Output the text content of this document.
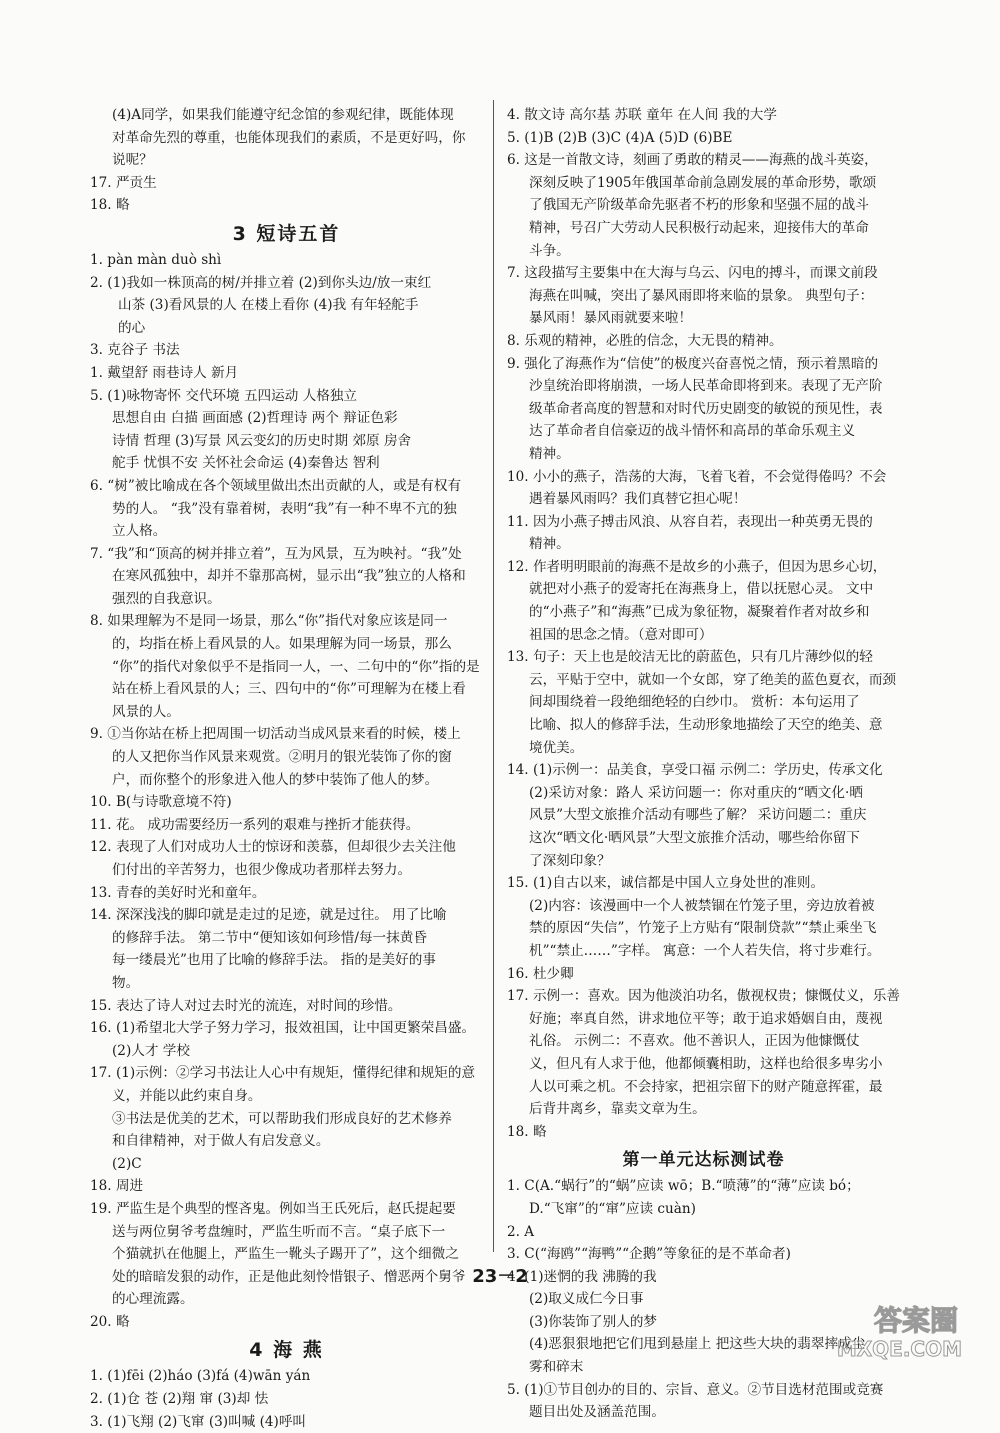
(4)A同学，如果我们能遵守纪念馆的参观纪律，既能体现

对革命先烈的尊重，也能体现我们的素质，不是更好吗，你

说呢？

17. 严贡生

18. 略

3 短诗五首

1. pàn màn duò shì

2. (1)我如一株顶高的树/并排立着 (2)到你头边/放一束红

山茶 (3)看风景的人 在楼上看你 (4)我 有年轻舵手

的心

3. 克谷子 书法

1. 戴望舒 雨巷诗人 新月

5. (1)咏物寄怀 交代环境 五四运动 人格独立

思想自由 白描 画面感 (2)哲理诗 两个 辩证色彩

诗情 哲理 (3)写景 风云变幻的历史时期 郊原 房舍

舵手 忧惧不安 关怀社会命运 (4)秦鲁达 智利

6. “树”被比喻成在各个领域里做出杰出贡献的人，或是有权有

势的人。 “我”没有靠着树，表明“我”有一种不卑不亢的独

立人格。

7. “我”和“顶高的树并排立着”，互为风景，互为映衬。“我”处

在寒风孤独中，却并不靠那高树，显示出“我”独立的人格和

强烈的自我意识。

8. 如果理解为不是同一场景，那么“你”指代对象应该是同一

的，均指在桥上看风景的人。如果理解为同一场景，那么

“你”的指代对象似乎不是指同一人，一、二句中的“你”指的是

站在桥上看风景的人；三、四句中的“你”可理解为在楼上看

风景的人。

9. ①当你站在桥上把周围一切活动当成风景来看的时候，楼上

的人又把你当作风景来观赏。②明月的银光装饰了你的窗

户，而你整个的形象进入他人的梦中装饰了他人的梦。

10. B(与诗歌意境不符)

11. 花。 成功需要经历一系列的艰难与挫折才能获得。

12. 表现了人们对成功人士的惊讶和羡慕，但却很少去关注他

们付出的辛苦努力，也很少像成功者那样去努力。

13. 青春的美好时光和童年。

14. 深深浅浅的脚印就是走过的足迹，就是过往。 用了比喻

的修辞手法。 第二节中“便知该如何珍惜/每一抹黄昏

每一缕晨光”也用了比喻的修辞手法。 指的是美好的事

物。

15. 表达了诗人对过去时光的流连，对时间的珍惜。

16. (1)希望北大学子努力学习，报效祖国，让中国更繁荣昌盛。

(2)人才 学校

17. (1)示例：②学习书法让人心中有规矩，懂得纪律和规矩的意

义，并能以此约束自身。

③书法是优美的艺术，可以帮助我们形成良好的艺术修养

和自律精神，对于做人有启发意义。

(2)C

18. 周进

19. 严监生是个典型的悭吝鬼。例如当王氏死后，赵氏提起要

送与两位舅爷考盘缠时，严监生听而不言。“桌子底下一

个猫就扒在他腿上，严监生一靴头子踢开了”，这个细微之

处的暗暗发狠的动作，正是他此刻怜惜银子、憎恶两个舅爷

的心理流露。

20. 略

4 海 燕

1. (1)fēi (2)háo (3)fá (4)wān yán

2. (1)仓 苍 (2)翔 窜 (3)却 怯

3. (1)飞翔 (2)飞窜 (3)叫喊 (4)呼叫

4. 散文诗 高尔基 苏联 童年 在人间 我的大学

5. (1)B (2)B (3)C (4)A (5)D (6)BE

6. 这是一首散文诗，刻画了勇敢的精灵——海燕的战斗英姿，

深刻反映了1905年俄国革命前急剧发展的革命形势，歌颂

了俄国无产阶级革命先驱者不朽的形象和坚强不屈的战斗

精神，号召广大劳动人民积极行动起来，迎接伟大的革命

斗争。

7. 这段描写主要集中在大海与乌云、闪电的搏斗，而课文前段

海燕在叫喊，突出了暴风雨即将来临的景象。 典型句子：

暴风雨！暴风雨就要来啦！

8. 乐观的精神，必胜的信念，大无畏的精神。

9. 强化了海燕作为“信使”的极度兴奋喜悦之情，预示着黑暗的

沙皇统治即将崩溃，一场人民革命即将到来。表现了无产阶

级革命者高度的智慧和对时代历史剧变的敏锐的预见性，表

达了革命者自信豪迈的战斗情怀和高昂的革命乐观主义

精神。

10. 小小的燕子，浩荡的大海，飞着飞着，不会觉得倦吗？不会

遇着暴风雨吗？我们真替它担心呢！

11. 因为小燕子搏击风浪、从容自若，表现出一种英勇无畏的

精神。

12. 作者明明眼前的海燕不是故乡的小燕子，但因为思乡心切，

就把对小燕子的爱寄托在海燕身上，借以抚慰心灵。 文中

的“小燕子”和“海燕”已成为象征物，凝聚着作者对故乡和

祖国的思念之情。（意对即可）

13. 句子：天上也是皎洁无比的蔚蓝色，只有几片薄纱似的轻

云，平贴于空中，就如一个女郎，穿了绝美的蓝色夏衣，而颈

间却围绕着一段绝细绝轻的白纱巾。 赏析：本句运用了

比喻、拟人的修辞手法，生动形象地描绘了天空的绝美、意

境优美。

14. (1)示例一：品美食，享受口福 示例二：学历史，传承文化

(2)采访对象：路人 采访问题一：你对重庆的“晒文化·晒

风景”大型文旅推介活动有哪些了解？ 采访问题二：重庆

这次“晒文化·晒风景”大型文旅推介活动，哪些给你留下

了深刻印象？

15. (1)自古以来，诚信都是中国人立身处世的准则。

(2)内容：该漫画中一个人被禁锢在竹笼子里，旁边放着被

禁的原因“失信”，竹笼子上方贴有“限制贷款”“禁止乘坐飞

机”“禁止……”字样。 寓意：一个人若失信，将寸步难行。

16. 杜少卿

17. 示例一：喜欢。因为他淡泊功名，傲视权贵；慷慨仗义，乐善

好施；率真自然，讲求地位平等；敢于追求婚姻自由，蔑视

礼俗。 示例二：不喜欢。他不善识人，正因为他慷慨仗

义，但凡有人求于他，他都倾囊相助，这样也给很多卑劣小

人以可乘之机。不会持家，把祖宗留下的财产随意挥霍，最

后背井离乡，靠卖文章为生。

18. 略

第一单元达标测试卷

1. C(A.“蜗行”的“蜗”应读 wō；B.“喷薄”的“薄”应读 bó；

D.“飞窜”的“窜”应读 cuàn)

2. A

3. C(“海鸥”“海鸭”“企鹅”等象征的是不革命者)

4. (1)迷惘的我 沸腾的我

(2)取义成仁今日事

(3)你装饰了别人的梦

(4)恶狠狠地把它们甩到悬崖上 把这些大块的翡翠摔成尘

雾和碎末

5. (1)①节目创办的目的、宗旨、意义。②节目选材范围或竞赛

题目出处及涵盖范围。

23－2
答案圈
MXQE.COM
